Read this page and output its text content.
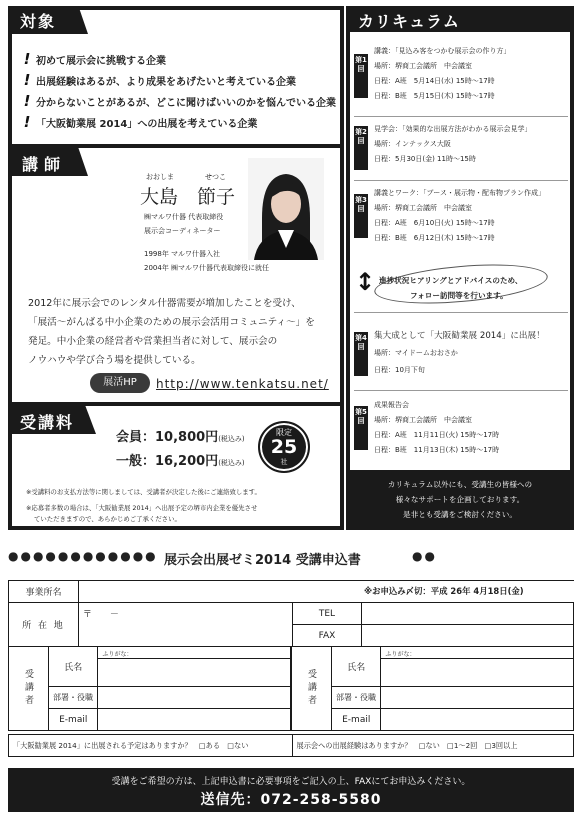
対象
! 初めて展示会に挑戦する企業
! 出展経験はあるが、より成果をあげたいと考えている企業
! 分からないことがあるが、どこに聞けばいいのかを悩んでいる企業
! 「大阪勧業展 2014」への出展を考えている企業
講師
おおしま	せつこ
大島　節子
㈱マルワ什器 代表取締役
展示会コーディネーター
1998年 マルワ什器入社
2004年 ㈱マルワ什器代表取締役に就任
2012年に展示会でのレンタル什器需要が増加したことを受け、
「展活～がんばる中小企業のための展示会活用コミュニティ～」を
発足。中小企業の経営者や営業担当者に対して、展示会の
ノウハウや学び合う場を提供している。
展活HP	http://www.tenkatsu.net/
受講料
会員：10,800円(税込み)
一般：16,200円(税込み)
限定
25
社
※受講料のお支払方法等に関しましては、受講者が決定した後にご連絡致します。
※応募者多数の場合は、「大阪勧業展 2014」へ出展予定の堺市内企業を優先させ
ていただきますので、あらかじめご了承ください。
カリキュラム
第1回
講義：「見込み客をつかむ展示会の作り方」
場所：堺商工会議所　中会議室
日程：A班　5月14日(水) 15時～17時
日程：B班　5月15日(木) 15時～17時
第2回
見学会：「効果的な出展方法がわかる展示会見学」
場所：インテックス大阪
日程：5月30日(金) 11時～15時
第3回
講義とワーク：「ブース・展示物・配布物プラン作成」
場所：堺商工会議所　中会議室
日程：A班　6月10日(火) 15時～17時
日程：B班　6月12日(木) 15時～17時
↕ 進捗状況ヒアリングとアドバイスのため、
フォロー訪問等を行います。
第4回
集大成として「大阪勧業展 2014」に出展！
場所：マイドームおおさか
日程：10月下旬
第5回
成果報告会
場所：堺商工会議所　中会議室
日程：A班　11月11日(火) 15時～17時
日程：B班　11月13日(木) 15時～17時
カリキュラム以外にも、受講生の皆様への
様々なサポートを企画しております。
是非とも受講をご検討ください。
●●●●●●●●●●●● 展示会出展ゼミ2014 受講申込書	●●
※お申込み〆切：平成 26年 4月18日(金)
事業所名			
所 在 地	〒　　－	TEL	
		FAX	
受講者	氏名	ふりがな：

	部署・役職	
	E-mail	
受講者	氏名	ふりがな：

	部署・役職	
	E-mail	
「大阪勧業展 2014」に出展される予定はありますか？　□ある　□ない	展示会への出展経験はありますか？　□ない　□1～2回　□3回以上
受講をご希望の方は、上記申込書に必要事項をご記入の上、FAXにてお申込みください。
送信先：072-258-5580
